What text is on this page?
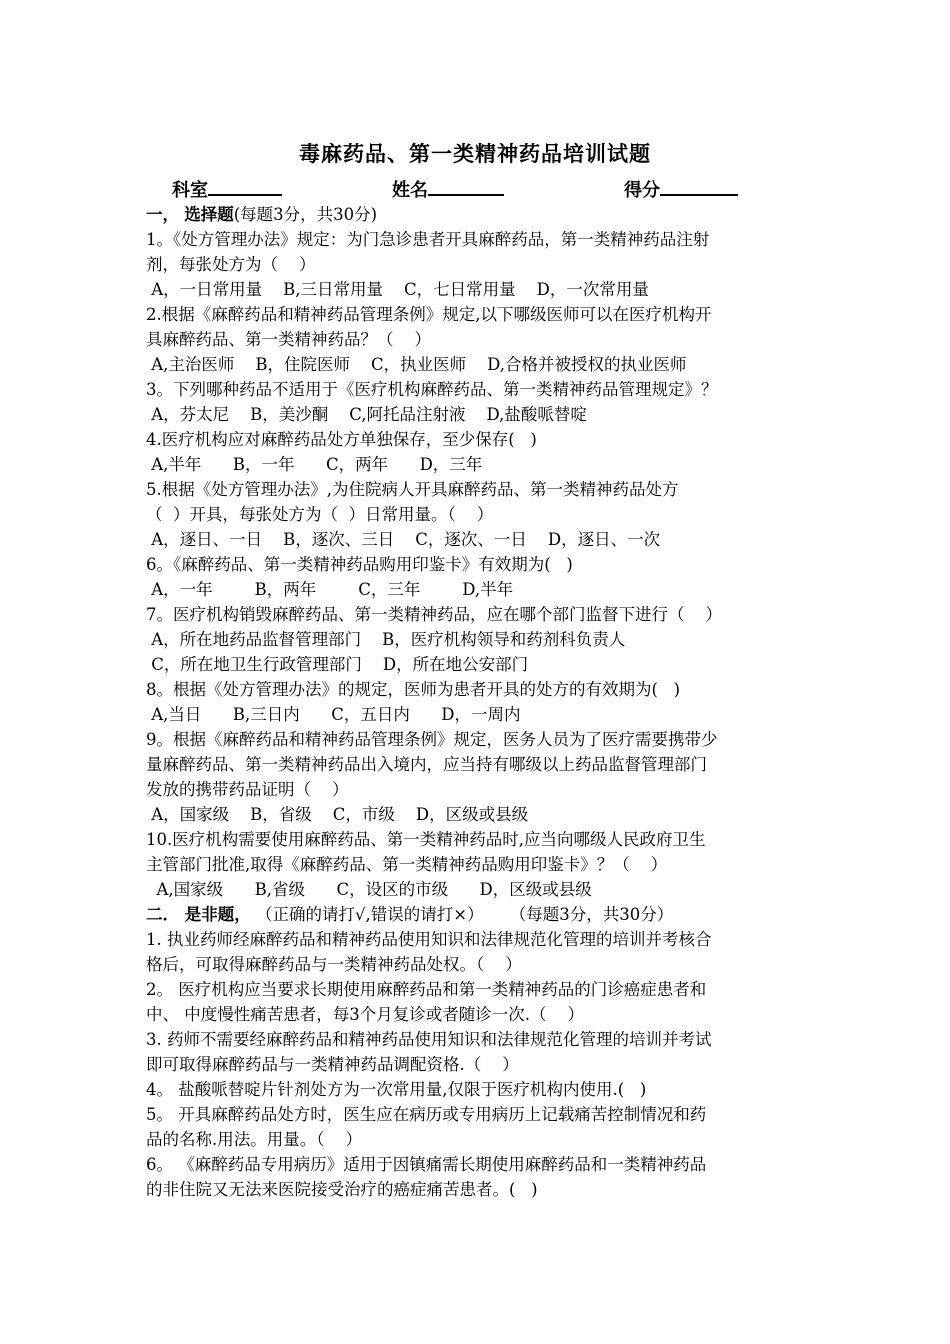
毒麻药品、第一类精神药品培训试题
科室	姓名	得分
一， 选择题(每题3分，共30分)
1。《处方管理办法》规定：为门急诊患者开具麻醉药品，第一类精神药品注射
剂，每张处方为（    ）
A，一日常用量    B,三日常用量    C，七日常用量    D，一次常用量
2.根据《麻醉药品和精神药品管理条例》规定,以下哪级医师可以在医疗机构开
具麻醉药品、第一类精神药品？（    ）
A,主治医师    B，住院医师    C，执业医师    D,合格并被授权的执业医师
3。下列哪种药品不适用于《医疗机构麻醉药品、第一类精神药品管理规定》？
A，芬太尼    B，美沙酮    C,阿托品注射液    D,盐酸哌替啶
4.医疗机构应对麻醉药品处方单独保存，至少保存(   )
A,半年      B，一年      C，两年      D，三年
5.根据《处方管理办法》,为住院病人开具麻醉药品、第一类精神药品处方
（  ）开具，每张处方为（  ）日常用量。（    ）
A，逐日、一日    B，逐次、三日    C，逐次、一日    D，逐日、一次
6。《麻醉药品、第一类精神药品购用印鉴卡》有效期为(   )
A，一年        B，两年        C，三年        D,半年
7。医疗机构销毁麻醉药品、第一类精神药品，应在哪个部门监督下进行（    ）
A，所在地药品监督管理部门    B，医疗机构领导和药剂科负责人
C，所在地卫生行政管理部门    D，所在地公安部门
8。根据《处方管理办法》的规定，医师为患者开具的处方的有效期为(   )
A,当日      B,三日内      C，五日内      D，一周内
9。根据《麻醉药品和精神药品管理条例》规定，医务人员为了医疗需要携带少
量麻醉药品、第一类精神药品出入境内，应当持有哪级以上药品监督管理部门
发放的携带药品证明（    ）
A，国家级    B，省级    C，市级    D，区级或县级
10.医疗机构需要使用麻醉药品、第一类精神药品时,应当向哪级人民政府卫生
主管部门批准,取得《麻醉药品、第一类精神药品购用印鉴卡》？（    ）
A,国家级      B,省级      C，设区的市级      D，区级或县级
二． 是非题， （正确的请打√,错误的请打×）     （每题3分，共30分）
1. 执业药师经麻醉药品和精神药品使用知识和法律规范化管理的培训并考核合
格后，可取得麻醉药品与一类精神药品处权。（    ）
2。 医疗机构应当要求长期使用麻醉药品和第一类精神药品的门诊癌症患者和
中、 中度慢性痛苦患者，每3个月复诊或者随诊一次.（    ）
3. 药师不需要经麻醉药品和精神药品使用知识和法律规范化管理的培训并考试
即可取得麻醉药品与一类精神药品调配资格.（    ）
4。 盐酸哌替啶片针剂处方为一次常用量,仅限于医疗机构内使用.(   )
5。 开具麻醉药品处方时，医生应在病历或专用病历上记载痛苦控制情况和药
品的名称.用法。用量。（    ）
6。 《麻醉药品专用病历》适用于因镇痛需长期使用麻醉药品和一类精神药品
的非住院又无法来医院接受治疗的癌症痛苦患者。(   )
